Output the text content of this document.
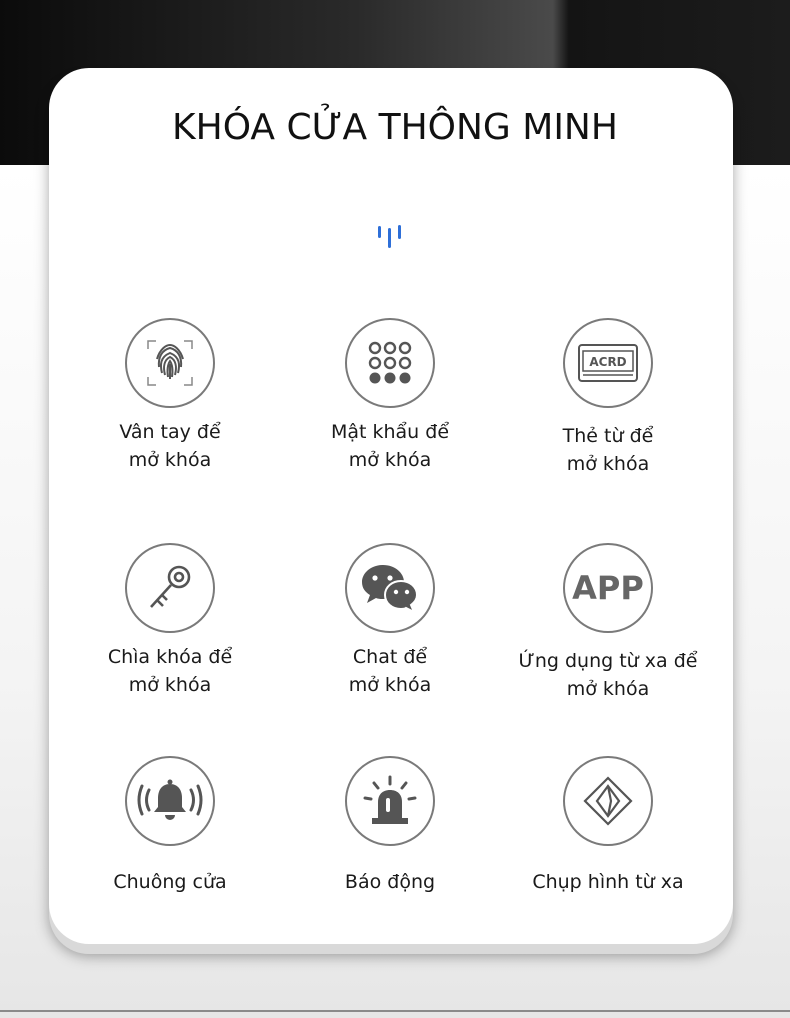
KHÓA CỬA THÔNG MINH
Vân tay để
mở khóa
Mật khẩu để
mở khóa
ACRD
Thẻ từ để
mở khóa
Chìa khóa để
mở khóa
Chat để
mở khóa
APP
Ứng dụng từ xa để
mở khóa
Chuông cửa	Báo động	Chụp hình từ xa
